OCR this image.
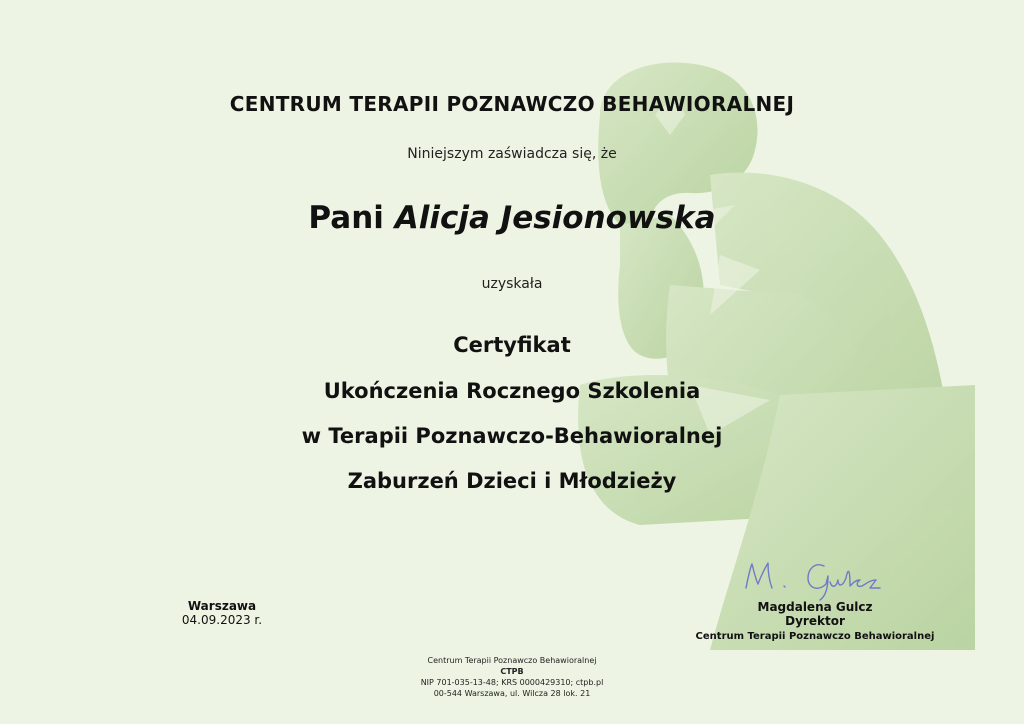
CENTRUM TERAPII POZNAWCZO BEHAWIORALNEJ
Niniejszym zaświadcza się, że
Pani Alicja Jesionowska
uzyskała
Certyfikat
Ukończenia Rocznego Szkolenia
w Terapii Poznawczo-Behawioralnej
Zaburzeń Dzieci i Młodzieży
Warszawa
04.09.2023 r.
Magdalena Gulcz
Dyrektor
Centrum Terapii Poznawczo Behawioralnej
Centrum Terapii Poznawczo Behawioralnej
CTPB
NIP 701-035-13-48; KRS 0000429310; ctpb.pl
00-544 Warszawa, ul. Wilcza 28 lok. 21
